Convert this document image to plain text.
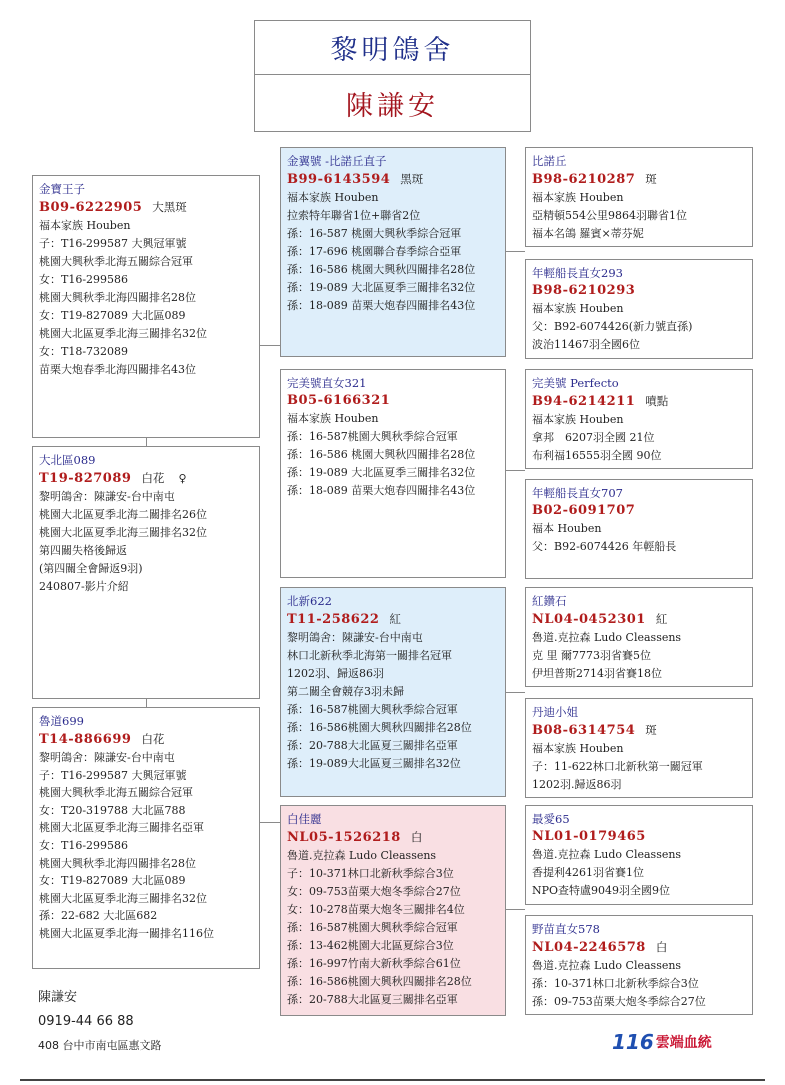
黎明鴿舍
陳謙安
金寶王子
B09-6222905 大黑斑
福本家族 Houben
子：T16-299587 大興冠軍號
桃園大興秋季北海五關綜合冠軍
女：T16-299586
桃園大興秋季北海四關排名28位
女：T19-827089 大北區089
桃園大北區夏季北海三關排名32位
女：T18-732089
苗栗大炮春季北海四關排名43位
大北區089
T19-827089 白花 ♀
黎明鴿舍：陳謙安-台中南屯
桃園大北區夏季北海二關排名26位
桃園大北區夏季北海三關排名32位
第四關失格後歸返
(第四關全會歸返9羽)
240807-影片介紹
魯道699
T14-886699 白花
黎明鴿舍：陳謙安-台中南屯
子：T16-299587 大興冠軍號
桃園大興秋季北海五關綜合冠軍
女：T20-319788 大北區788
桃園大北區夏季北海三關排名亞軍
女：T16-299586
桃園大興秋季北海四關排名28位
女：T19-827089 大北區089
桃園大北區夏季北海三關排名32位
孫：22-682 大北區682
桃園大北區夏季北海一關排名116位
金翼號 -比諾丘直子
B99-6143594 黑斑
福本家族 Houben
拉索特年聯省1位+聯省2位
孫：16-587 桃園大興秋季綜合冠軍
孫：17-696 桃園聯合春季綜合亞軍
孫：16-586 桃園大興秋四關排名28位
孫：19-089 大北區夏季三關排名32位
孫：18-089 苗栗大炮春四關排名43位
完美號直女321
B05-6166321
福本家族 Houben
孫：16-587桃園大興秋季綜合冠軍
孫：16-586 桃園大興秋四關排名28位
孫：19-089 大北區夏季三關排名32位
孫：18-089 苗栗大炮春四關排名43位
北新622
T11-258622 紅
黎明鴿舍：陳謙安-台中南屯
林口北新秋季北海第一關排名冠軍
1202羽、歸返86羽
第二關全會競存3羽未歸
孫：16-587桃園大興秋季綜合冠軍
孫：16-586桃園大興秋四關排名28位
孫：20-788大北區夏三關排名亞軍
孫：19-089大北區夏三關排名32位
白佳麗
NL05-1526218 白
魯道.克拉森 Ludo Cleassens
子：10-371林口北新秋季綜合3位
女：09-753苗栗大炮冬季綜合27位
女：10-278苗栗大炮冬三關排名4位
孫：16-587桃園大興秋季綜合冠軍
孫：13-462桃園大北區夏綜合3位
孫：16-997竹南大新秋季綜合61位
孫：16-586桃園大興秋四關排名28位
孫：20-788大北區夏三關排名亞軍
比諾丘
B98-6210287 斑
福本家族 Houben
亞精頓554公里9864羽聯省1位
福本名鴿 羅賓×蒂芬妮
年輕船長直女293
B98-6210293
福本家族 Houben
父：B92-6074426(新力號直孫)
波治11467羽全國6位
完美號 Perfecto
B94-6214211 噴點
福本家族 Houben
拿邦　6207羽全國 21位
布利福16555羽全國 90位
年輕船長直女707
B02-6091707
福本 Houben
父：B92-6074426 年輕船長
紅鑽石
NL04-0452301 紅
魯道.克拉森 Ludo Cleassens
克 里 爾7773羽省賽5位
伊坦普斯2714羽省賽18位
丹迪小姐
B08-6314754 斑
福本家族 Houben
子：11-622林口北新秋第一關冠軍
1202羽.歸返86羽
最愛65
NL01-0179465
魯道.克拉森 Ludo Cleassens
香提利4261羽省賽1位
NPO查特盧9049羽全國9位
野苗直女578
NL04-2246578 白
魯道.克拉森 Ludo Cleassens
孫：10-371林口北新秋季綜合3位
孫：09-753苗栗大炮冬季綜合27位
陳謙安
0919-44 66 88
408 台中市南屯區惠文路	116 雲端血統
